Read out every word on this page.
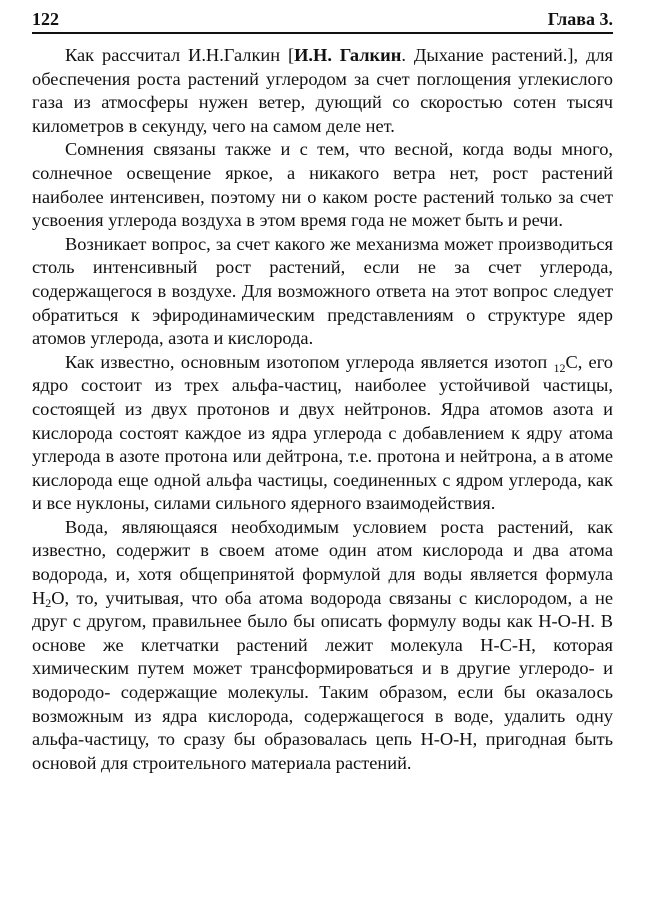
122	Глава 3.

Как рассчитал И.Н.Галкин [И.Н. Галкин. Дыхание растений.], для обеспечения роста растений углеродом за счет поглощения углекислого газа из атмосферы нужен ветер, дующий со скоростью сотен тысяч километров в секунду, чего на самом деле нет.

Сомнения связаны также и с тем, что весной, когда воды много, солнечное освещение яркое, а никакого ветра нет, рост растений наиболее интенсивен, поэтому ни о каком росте растений только за счет усвоения углерода воздуха в этом время года не может быть и речи.

Возникает вопрос, за счет какого же механизма может производиться столь интенсивный рост растений, если не за счет углерода, содержащегося в воздухе. Для возможного ответа на этот вопрос следует обратиться к эфиродинамическим представлениям о структуре ядер атомов углерода, азота и кислорода.

Как известно, основным изотопом углерода является изотоп $_{12}$C, его ядро состоит из трех альфа-частиц, наиболее устойчивой частицы, состоящей из двух протонов и двух нейтронов. Ядра атомов азота и кислорода состоят каждое из ядра углерода с добавлением к ядру атома углерода в азоте протона или дейтрона, т.е. протона и нейтрона, а в атоме кислорода еще одной альфа частицы, соединенных с ядром углерода, как и все нуклоны, силами сильного ядерного взаимодействия.

Вода, являющаяся необходимым условием роста растений, как известно, содержит в своем атоме один атом кислорода и два атома водорода, и, хотя общепринятой формулой для воды является формула $H_2O$, то, учитывая, что оба атома водорода связаны с кислородом, а не друг с другом, правильнее было бы описать формулу воды как H-O-H. В основе же клетчатки растений лежит молекула H-C-H, которая химическим путем может трансформироваться и в другие углеродо- и водородо- содержащие молекулы. Таким образом, если бы оказалось возможным из ядра кислорода, содержащегося в воде, удалить одну альфа-частицу, то сразу бы образовалась цепь H-O-H, пригодная быть основой для строительного материала растений.
